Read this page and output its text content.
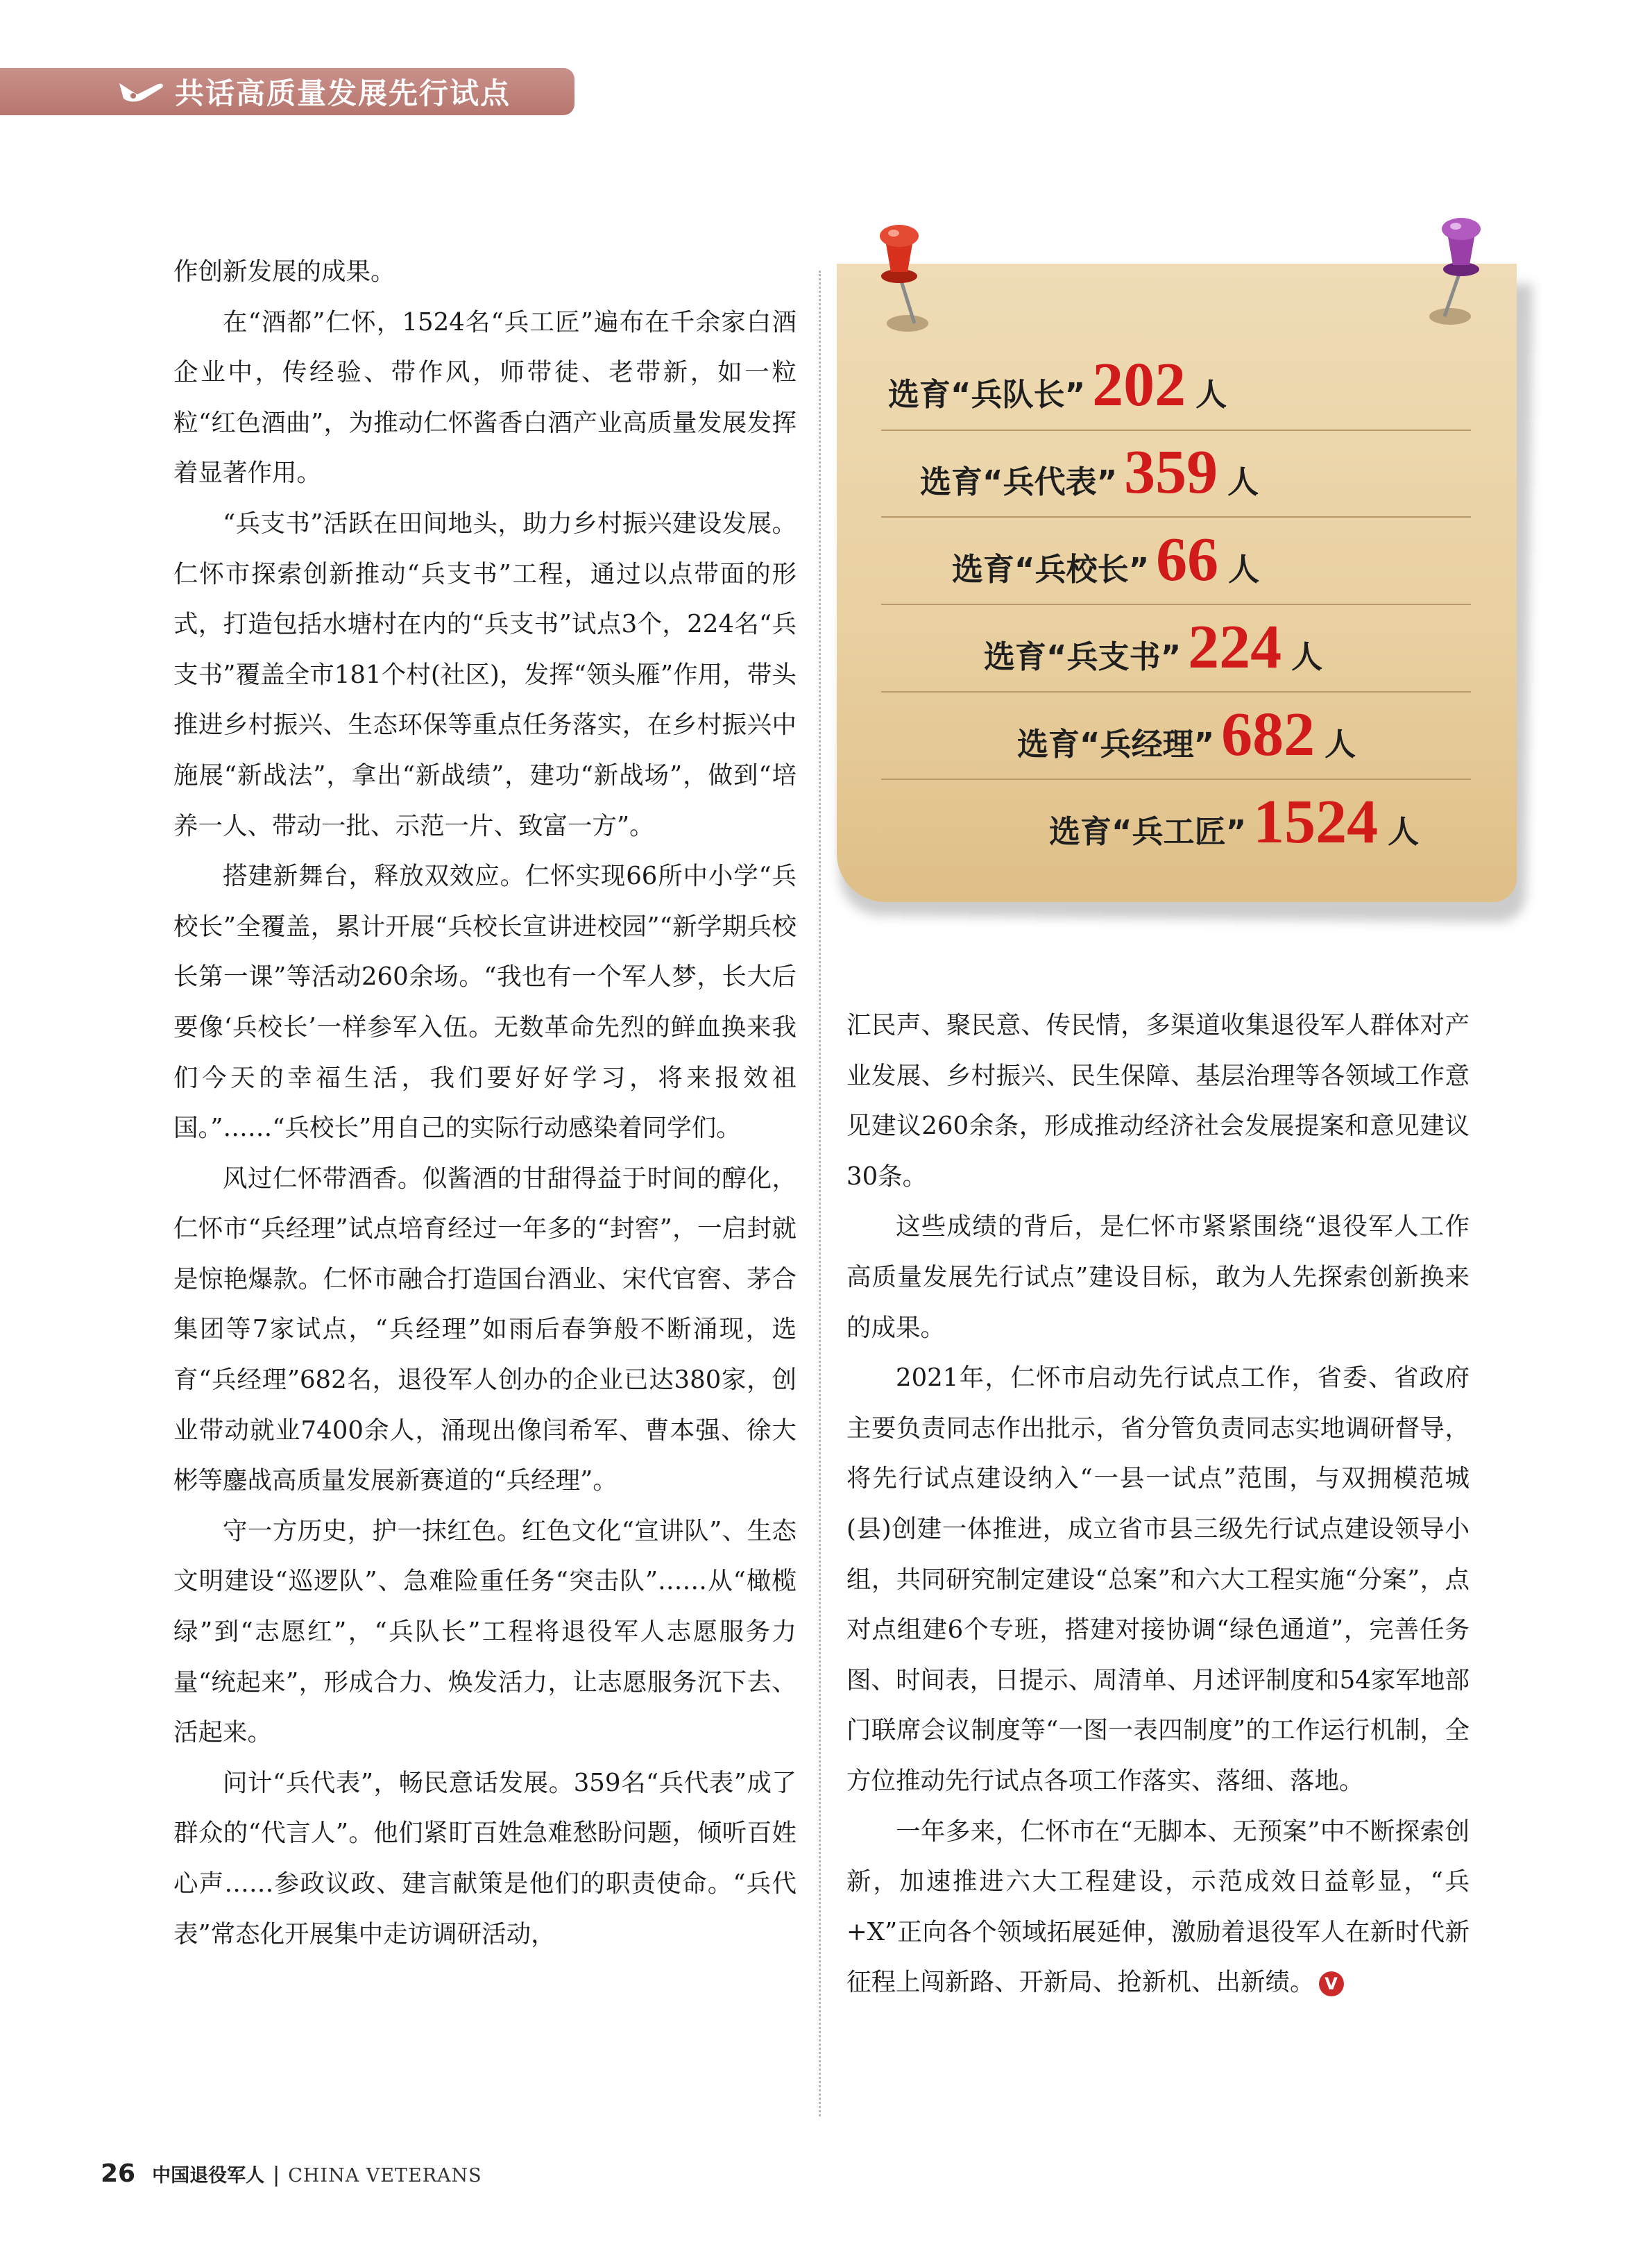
共话高质量发展先行试点

作创新发展的成果。

在“酒都”仁怀，1524名“兵工匠”遍布在千余家白酒企业中，传经验、带作风，师带徒、老带新，如一粒粒“红色酒曲”，为推动仁怀酱香白酒产业高质量发展发挥着显著作用。

“兵支书”活跃在田间地头，助力乡村振兴建设发展。仁怀市探索创新推动“兵支书”工程，通过以点带面的形式，打造包括水塘村在内的“兵支书”试点3个，224名“兵支书”覆盖全市181个村(社区)，发挥“领头雁”作用，带头推进乡村振兴、生态环保等重点任务落实，在乡村振兴中施展“新战法”，拿出“新战绩”，建功“新战场”，做到“培养一人、带动一批、示范一片、致富一方”。

搭建新舞台，释放双效应。仁怀实现66所中小学“兵校长”全覆盖，累计开展“兵校长宣讲进校园”“新学期兵校长第一课”等活动260余场。“我也有一个军人梦，长大后要像‘兵校长’一样参军入伍。无数革命先烈的鲜血换来我们今天的幸福生活，我们要好好学习，将来报效祖国。”……“兵校长”用自己的实际行动感染着同学们。

风过仁怀带酒香。似酱酒的甘甜得益于时间的醇化，仁怀市“兵经理”试点培育经过一年多的“封窖”，一启封就是惊艳爆款。仁怀市融合打造国台酒业、宋代官窖、茅合集团等7家试点，“兵经理”如雨后春笋般不断涌现，选育“兵经理”682名，退役军人创办的企业已达380家，创业带动就业7400余人，涌现出像闫希军、曹本强、徐大彬等鏖战高质量发展新赛道的“兵经理”。

守一方历史，护一抹红色。红色文化“宣讲队”、生态文明建设“巡逻队”、急难险重任务“突击队”……从“橄榄绿”到“志愿红”，“兵队长”工程将退役军人志愿服务力量“统起来”，形成合力、焕发活力，让志愿服务沉下去、活起来。

问计“兵代表”，畅民意话发展。359名“兵代表”成了群众的“代言人”。他们紧盯百姓急难愁盼问题，倾听百姓心声……参政议政、建言献策是他们的职责使命。“兵代表”常态化开展集中走访调研活动，

选育“兵队长” 202 人
选育“兵代表” 359 人
选育“兵校长” 66 人
选育“兵支书” 224 人
选育“兵经理” 682 人
选育“兵工匠” 1524 人

汇民声、聚民意、传民情，多渠道收集退役军人群体对产业发展、乡村振兴、民生保障、基层治理等各领域工作意见建议260余条，形成推动经济社会发展提案和意见建议30条。

这些成绩的背后，是仁怀市紧紧围绕“退役军人工作高质量发展先行试点”建设目标，敢为人先探索创新换来的成果。

2021年，仁怀市启动先行试点工作，省委、省政府主要负责同志作出批示，省分管负责同志实地调研督导，将先行试点建设纳入“一县一试点”范围，与双拥模范城(县)创建一体推进，成立省市县三级先行试点建设领导小组，共同研究制定建设“总案”和六大工程实施“分案”，点对点组建6个专班，搭建对接协调“绿色通道”，完善任务图、时间表，日提示、周清单、月述评制度和54家军地部门联席会议制度等“一图一表四制度”的工作运行机制，全方位推动先行试点各项工作落实、落细、落地。

一年多来，仁怀市在“无脚本、无预案”中不断探索创新，加速推进六大工程建设，示范成效日益彰显，“兵+X”正向各个领域拓展延伸，激励着退役军人在新时代新征程上闯新路、开新局、抢新机、出新绩。 V

26 中国退役军人 | CHINA VETERANS
